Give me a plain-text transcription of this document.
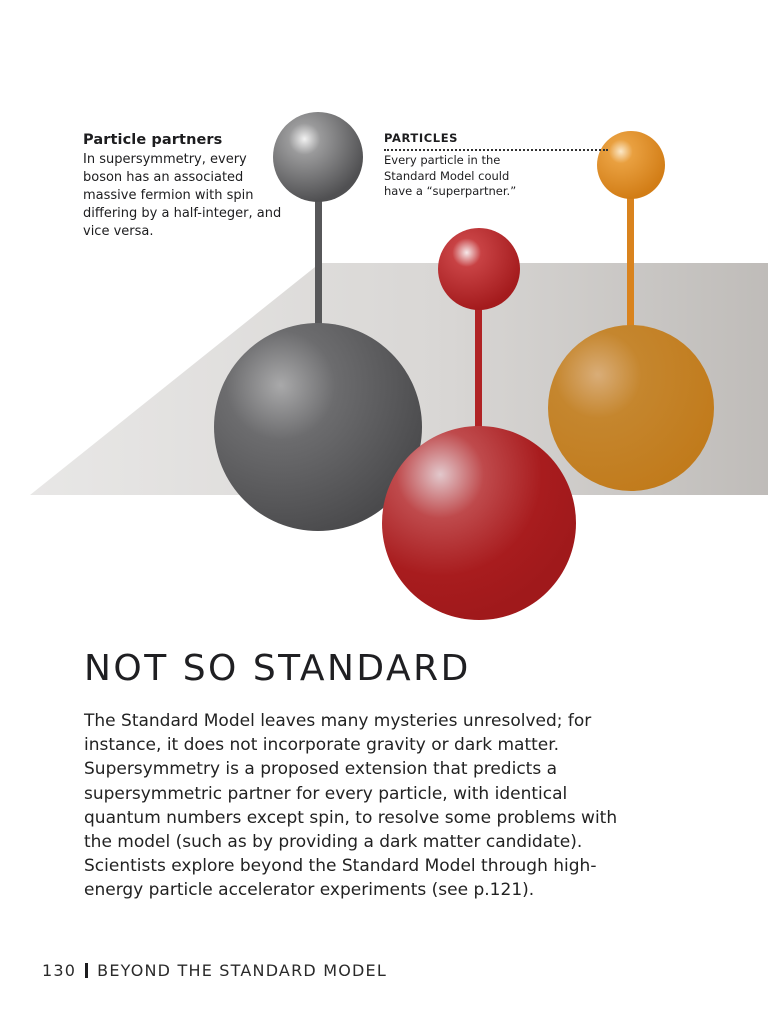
Particle partners

In supersymmetry, every boson has an associated massive fermion with spin differing by a half-integer, and vice versa.

PARTICLES

Every particle in the Standard Model could have a “superpartner.”

NOT SO STANDARD

The Standard Model leaves many mysteries unresolved; for instance, it does not incorporate gravity or dark matter. Supersymmetry is a proposed extension that predicts a supersymmetric partner for every particle, with identical quantum numbers except spin, to resolve some problems with the model (such as by providing a dark matter candidate). Scientists explore beyond the Standard Model through high-energy particle accelerator experiments (see p.121).

130 BEYOND THE STANDARD MODEL
